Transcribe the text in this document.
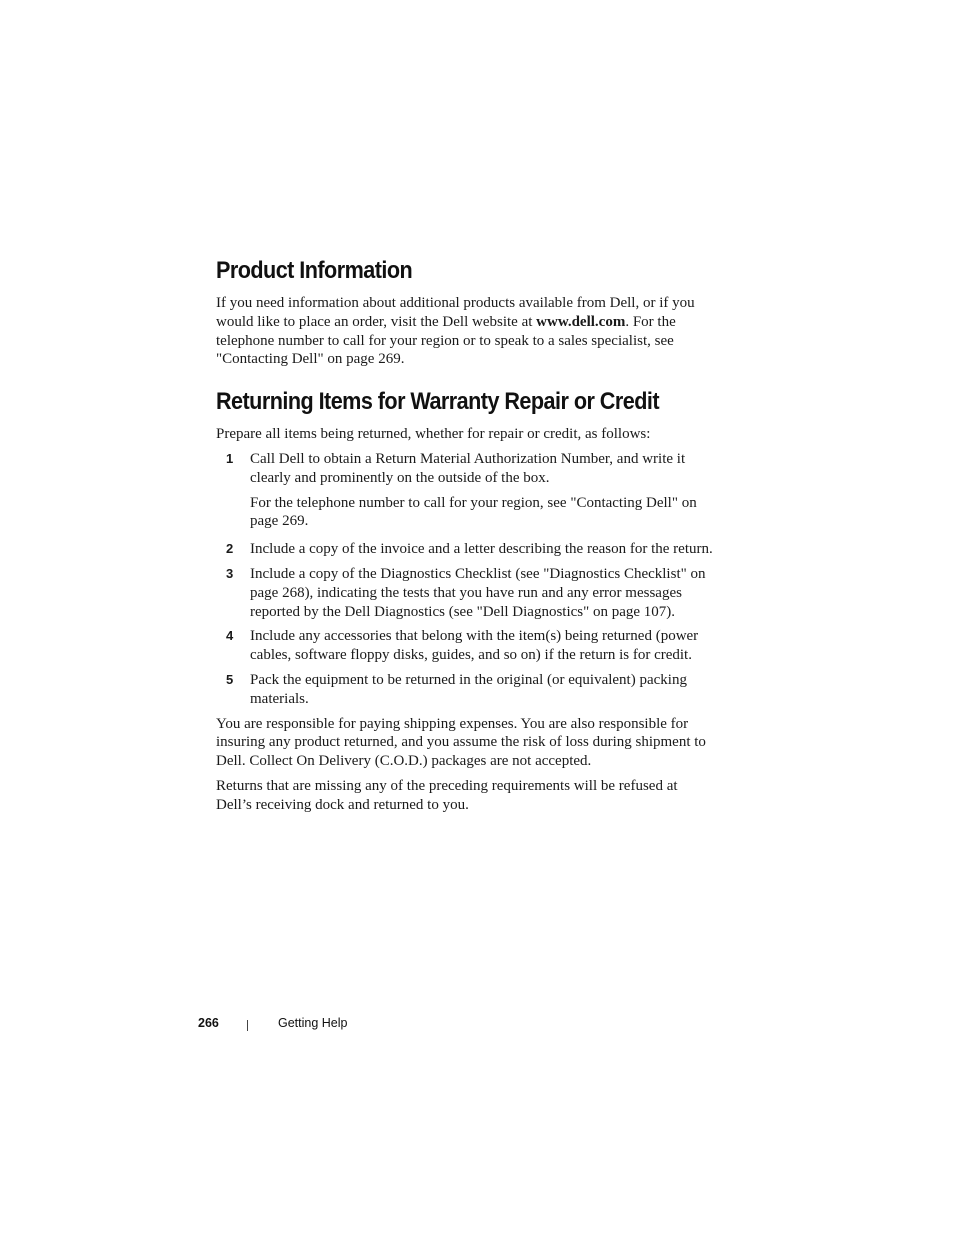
Product Information

If you need information about additional products available from Dell, or if you would like to place an order, visit the Dell website at www.dell.com. For the telephone number to call for your region or to speak to a sales specialist, see "Contacting Dell" on page 269.

Returning Items for Warranty Repair or Credit

Prepare all items being returned, whether for repair or credit, as follows:

1 Call Dell to obtain a Return Material Authorization Number, and write it clearly and prominently on the outside of the box.
For the telephone number to call for your region, see "Contacting Dell" on page 269.
2 Include a copy of the invoice and a letter describing the reason for the return.
3 Include a copy of the Diagnostics Checklist (see "Diagnostics Checklist" on page 268), indicating the tests that you have run and any error messages reported by the Dell Diagnostics (see "Dell Diagnostics" on page 107).
4 Include any accessories that belong with the item(s) being returned (power cables, software floppy disks, guides, and so on) if the return is for credit.
5 Pack the equipment to be returned in the original (or equivalent) packing materials.

You are responsible for paying shipping expenses. You are also responsible for insuring any product returned, and you assume the risk of loss during shipment to Dell. Collect On Delivery (C.O.D.) packages are not accepted.

Returns that are missing any of the preceding requirements will be refused at Dell’s receiving dock and returned to you.

266	Getting Help
